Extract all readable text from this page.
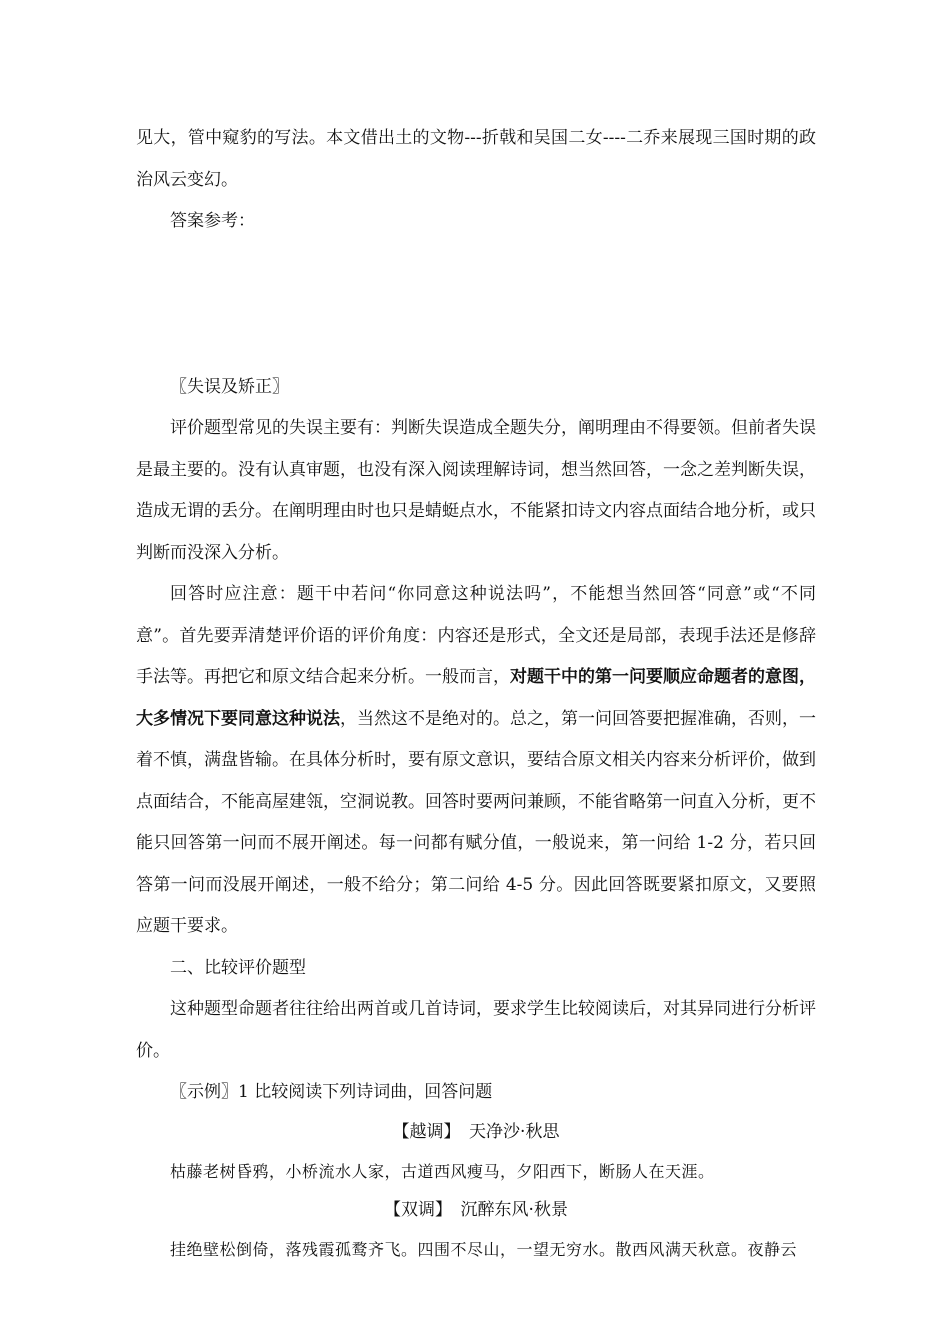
见大，管中窥豹的写法。本文借出土的文物---折戟和吴国二女----二乔来展现三国时期的政治风云变幻。

答案参考：

〖失误及矫正〗

评价题型常见的失误主要有：判断失误造成全题失分，阐明理由不得要领。但前者失误是最主要的。没有认真审题，也没有深入阅读理解诗词，想当然回答，一念之差判断失误，造成无谓的丢分。在阐明理由时也只是蜻蜓点水，不能紧扣诗文内容点面结合地分析，或只判断而没深入分析。

回答时应注意：题干中若问“你同意这种说法吗”，不能想当然回答“同意”或“不同意”。首先要弄清楚评价语的评价角度：内容还是形式，全文还是局部，表现手法还是修辞手法等。再把它和原文结合起来分析。一般而言，对题干中的第一问要顺应命题者的意图，大多情况下要同意这种说法，当然这不是绝对的。总之，第一问回答要把握准确，否则，一着不慎，满盘皆输。在具体分析时，要有原文意识，要结合原文相关内容来分析评价，做到点面结合，不能高屋建瓴，空洞说教。回答时要两问兼顾，不能省略第一问直入分析，更不能只回答第一问而不展开阐述。每一问都有赋分值，一般说来，第一问给 1-2 分，若只回答第一问而没展开阐述，一般不给分；第二问给 4-5 分。因此回答既要紧扣原文，又要照应题干要求。

二、比较评价题型

这种题型命题者往往给出两首或几首诗词，要求学生比较阅读后，对其异同进行分析评价。

〖示例〗1 比较阅读下列诗词曲，回答问题

【越调】　天净沙·秋思

枯藤老树昏鸦，小桥流水人家，古道西风瘦马，夕阳西下，断肠人在天涯。

【双调】　沉醉东风·秋景

挂绝壁松倒倚，落残霞孤鹜齐飞。四围不尽山，一望无穷水。散西风满天秋意。夜静云
